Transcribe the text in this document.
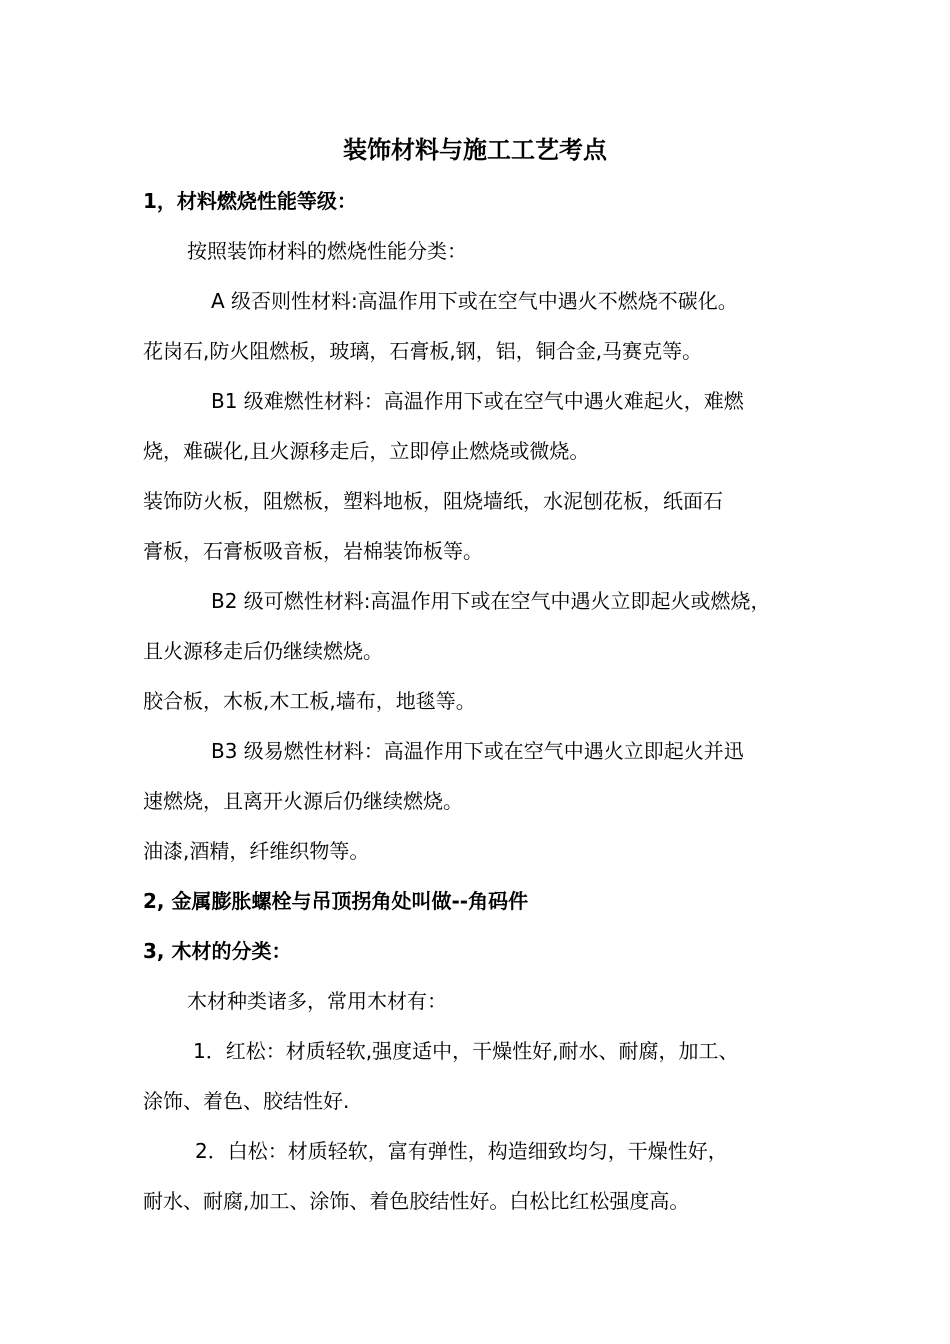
装饰材料与施工工艺考点
1，材料燃烧性能等级：
按照装饰材料的燃烧性能分类：
A 级否则性材料:高温作用下或在空气中遇火不燃烧不碳化。
花岗石,防火阻燃板，玻璃，石膏板,钢，铝，铜合金,马赛克等。
B1 级难燃性材料：高温作用下或在空气中遇火难起火，难燃
烧，难碳化,且火源移走后，立即停止燃烧或微烧。
装饰防火板，阻燃板，塑料地板，阻烧墙纸，水泥刨花板，纸面石
膏板，石膏板吸音板，岩棉装饰板等。
B2 级可燃性材料:高温作用下或在空气中遇火立即起火或燃烧，
且火源移走后仍继续燃烧。
胶合板，木板,木工板,墙布，地毯等。
B3 级易燃性材料：高温作用下或在空气中遇火立即起火并迅
速燃烧，且离开火源后仍继续燃烧。
油漆,酒精，纤维织物等。
2, 金属膨胀螺栓与吊顶拐角处叫做--角码件
3, 木材的分类：
木材种类诸多，常用木材有：
1．红松：材质轻软,强度适中，干燥性好,耐水、耐腐，加工、
涂饰、着色、胶结性好.
2．白松：材质轻软，富有弹性，构造细致均匀，干燥性好，
耐水、耐腐,加工、涂饰、着色胶结性好。白松比红松强度高。
